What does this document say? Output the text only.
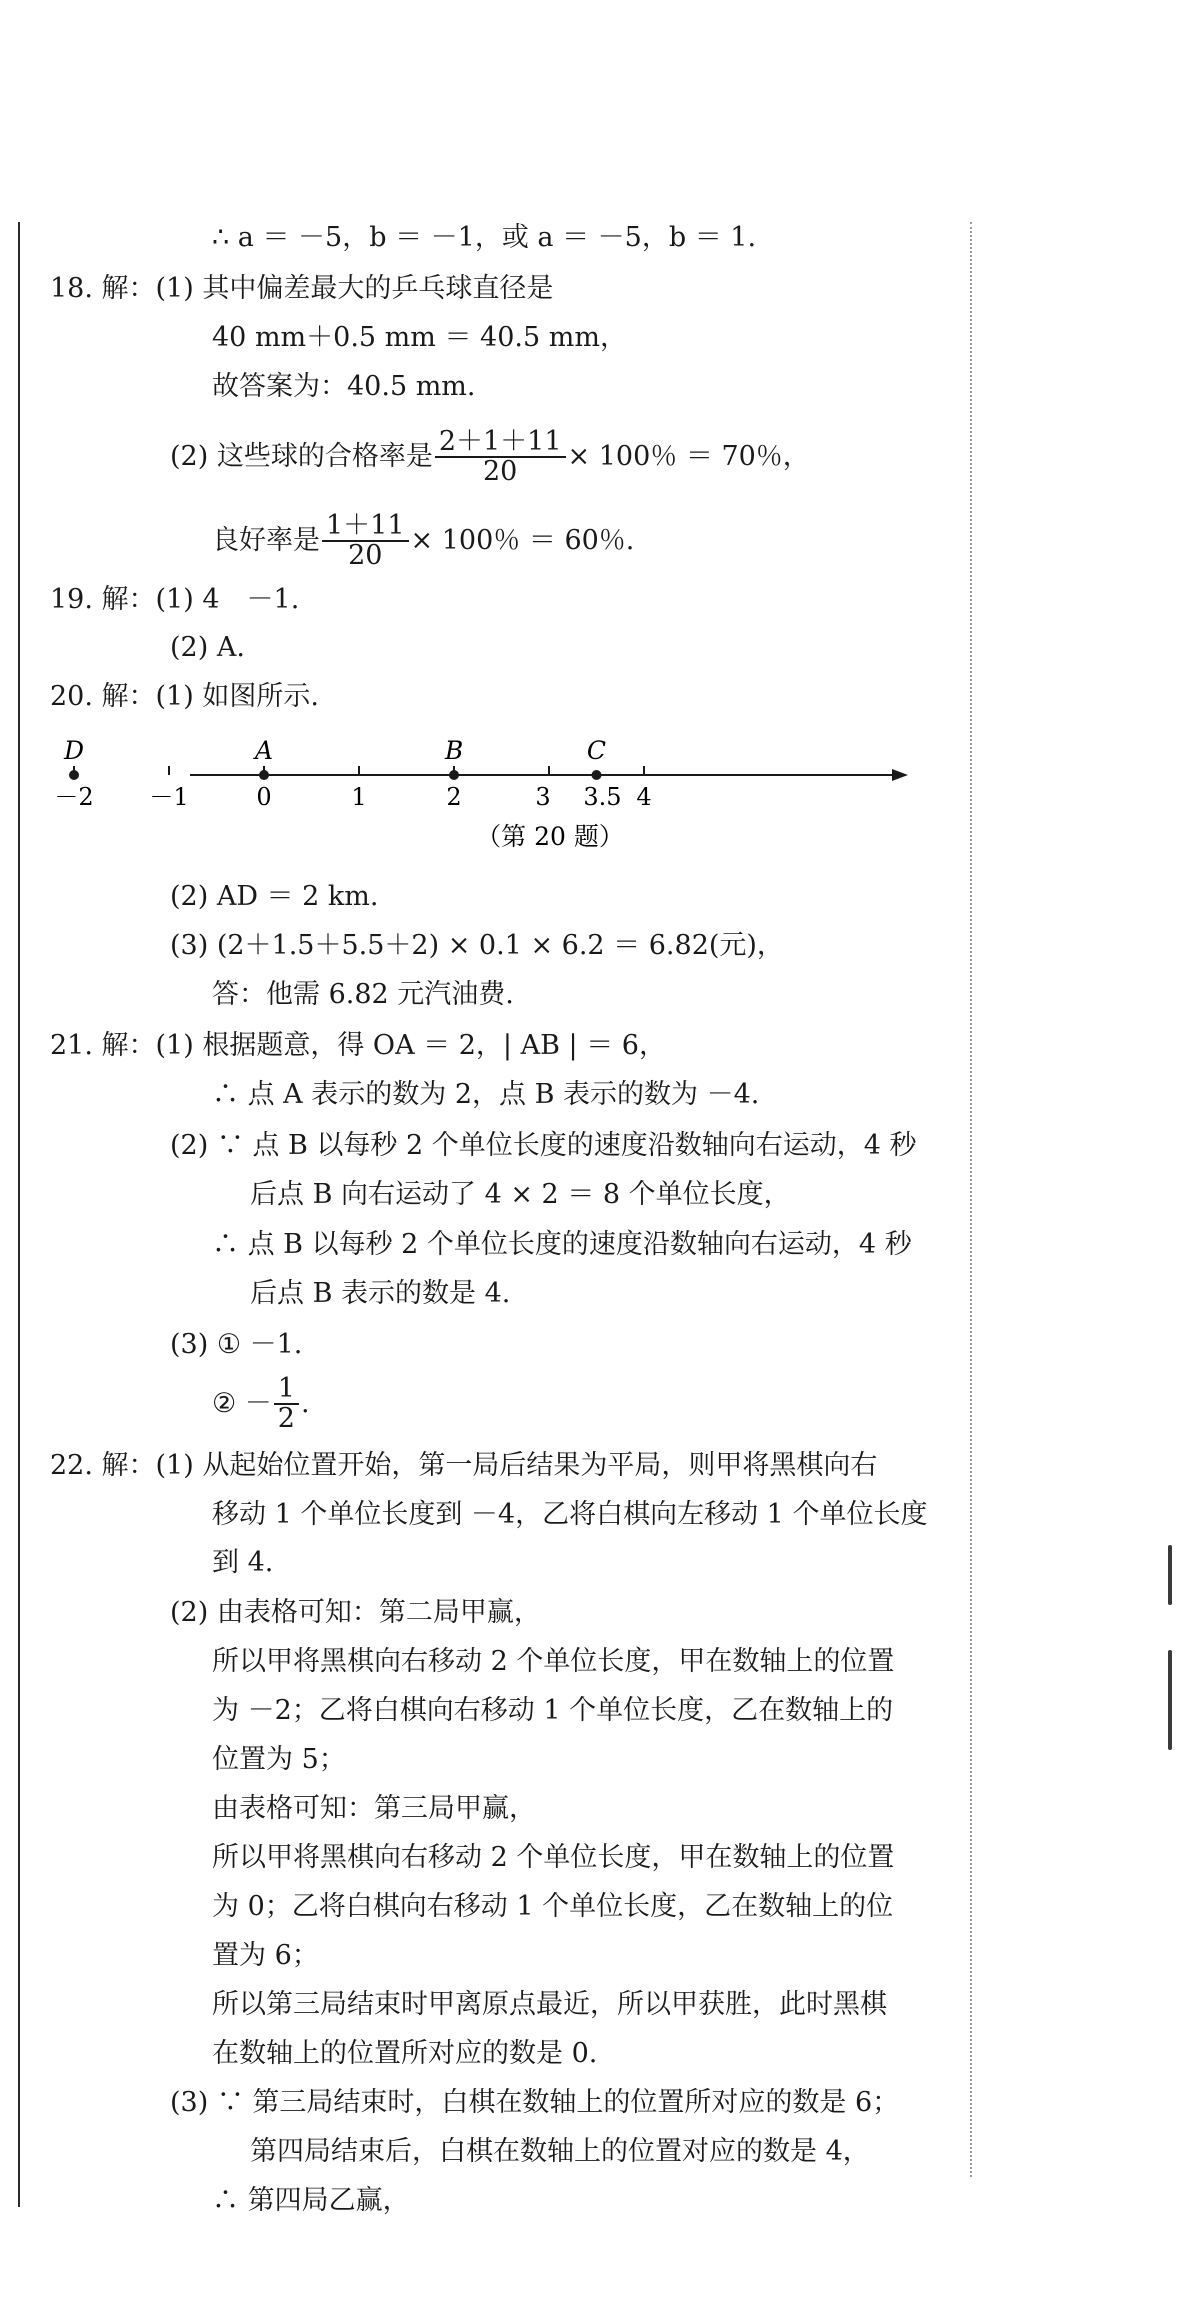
∴ a ＝ －5，b ＝ －1，或 a ＝ －5，b ＝ 1.
18. 解：(1) 其中偏差最大的乒乓球直径是
40 mm＋0.5 mm ＝ 40.5 mm，
故答案为：40.5 mm.
(2) 这些球的合格率是 $\frac{2+1+11}{20} \times 100$％ ＝ 70％，
良好率是 $\frac{1+11}{20} \times 100$％ ＝ 60％.
19. 解：(1) 4　－1.
(2) A.
20. 解：(1) 如图所示.
－2 －1	0	1	2	3	4
3.5
D	A	B	C
（第 20 题）
(2) AD ＝ 2 km.
(3) (2＋1.5＋5.5＋2) × 0.1 × 6.2 ＝ 6.82(元)，
答：他需 6.82 元汽油费.
21. 解：(1) 根据题意，得 OA ＝ 2，| AB | ＝ 6，
∴ 点 A 表示的数为 2，点 B 表示的数为 －4.
(2) ∵ 点 B 以每秒 2 个单位长度的速度沿数轴向右运动，4 秒
后点 B 向右运动了 4 × 2 ＝ 8 个单位长度，
∴ 点 B 以每秒 2 个单位长度的速度沿数轴向右运动，4 秒
后点 B 表示的数是 4.
(3) ① －1.
② － $\frac{1}{2}$ .
22. 解：(1) 从起始位置开始，第一局后结果为平局，则甲将黑棋向右
移动 1 个单位长度到 －4，乙将白棋向左移动 1 个单位长度
到 4.
(2) 由表格可知：第二局甲赢，
所以甲将黑棋向右移动 2 个单位长度，甲在数轴上的位置
为 －2；乙将白棋向右移动 1 个单位长度，乙在数轴上的
位置为 5；
由表格可知：第三局甲赢，
所以甲将黑棋向右移动 2 个单位长度，甲在数轴上的位置
为 0；乙将白棋向右移动 1 个单位长度，乙在数轴上的位
置为 6；
所以第三局结束时甲离原点最近，所以甲获胜，此时黑棋
在数轴上的位置所对应的数是 0.
(3) ∵ 第三局结束时，白棋在数轴上的位置所对应的数是 6；
第四局结束后，白棋在数轴上的位置对应的数是 4，
∴ 第四局乙赢，
